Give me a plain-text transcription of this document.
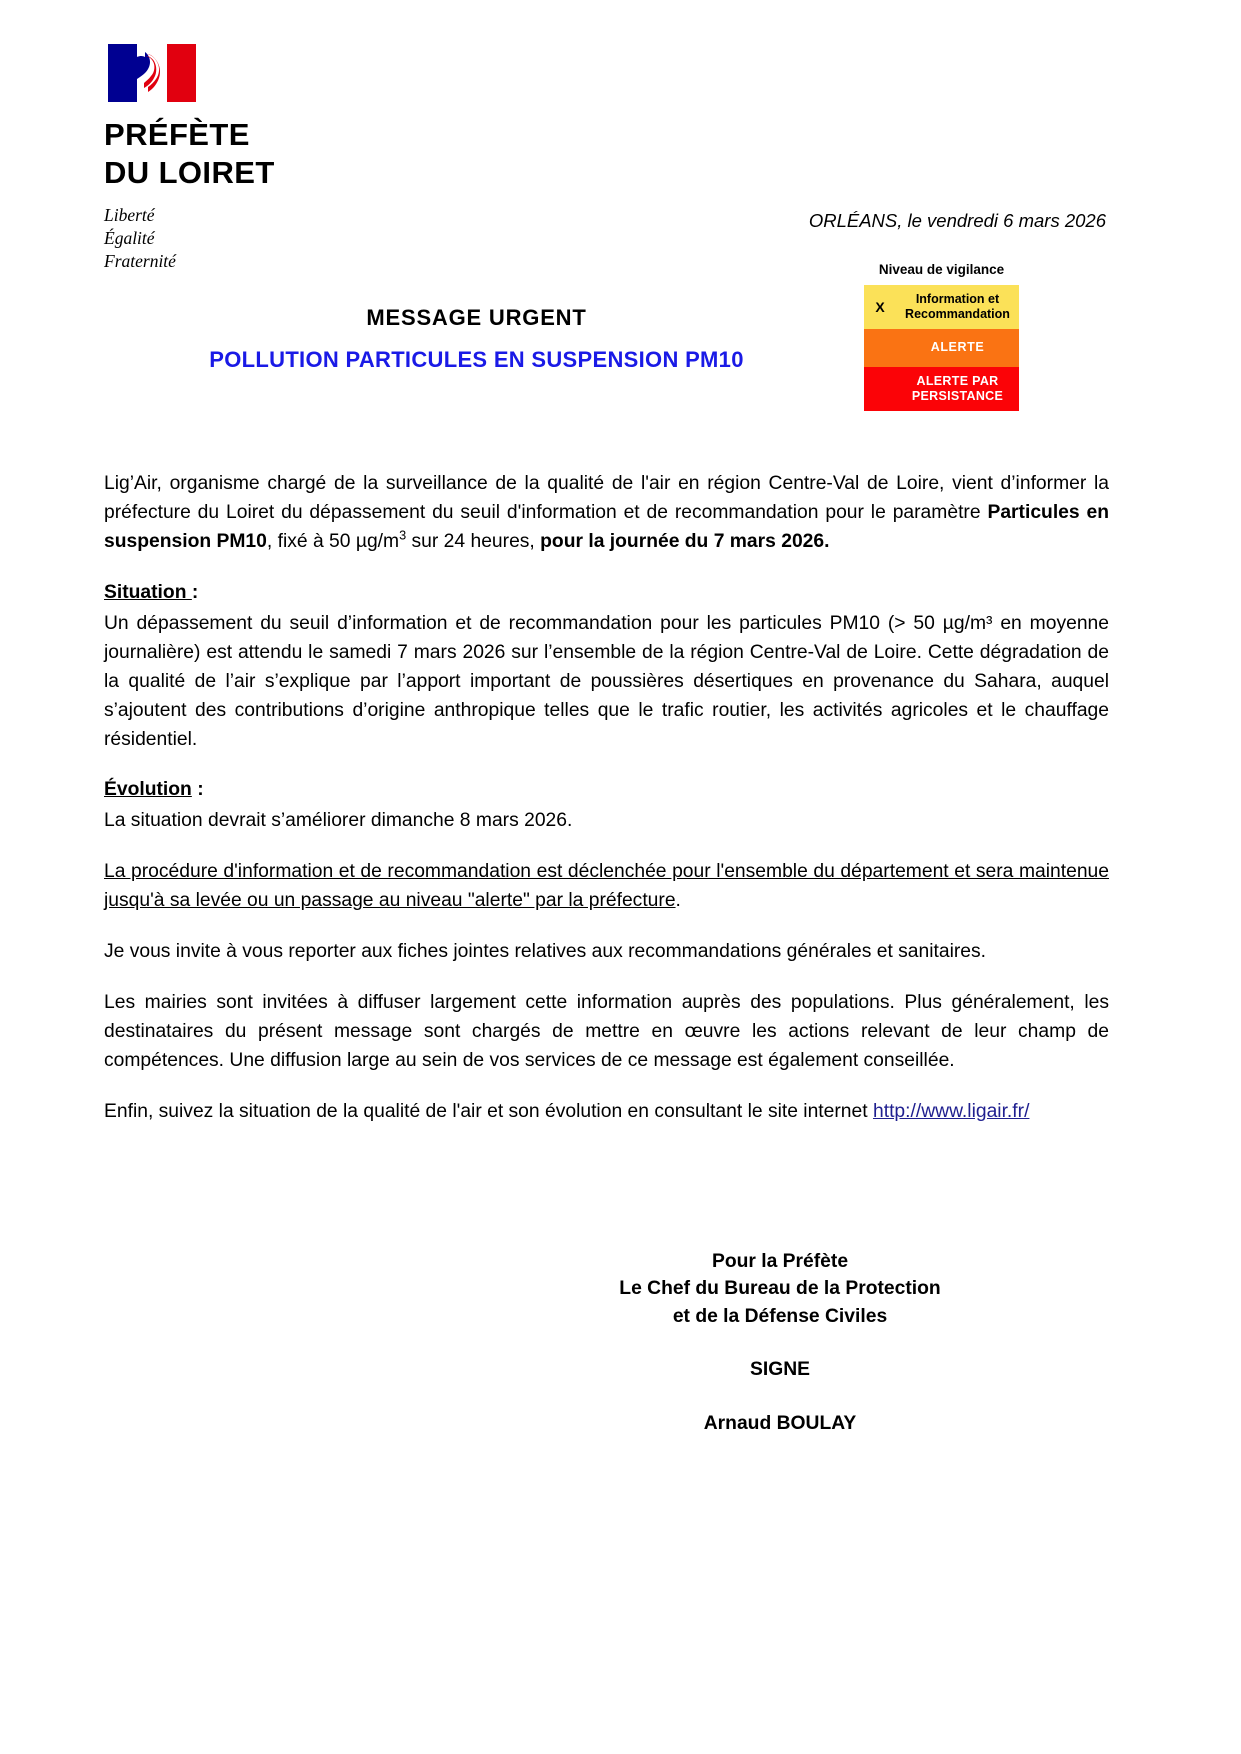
PRÉFÈTE
DU LOIRET
Liberté
Égalité
Fraternité
ORLÉANS, le vendredi 6 mars 2026
MESSAGE URGENT
POLLUTION PARTICULES EN SUSPENSION PM10
Niveau de vigilance
X
Information et Recommandation
ALERTE
ALERTE PAR PERSISTANCE

Lig’Air, organisme chargé de la surveillance de la qualité de l'air en région Centre-Val de Loire, vient d’informer la préfecture du Loiret du dépassement du seuil d'information et de recommandation pour le paramètre Particules en suspension PM10, fixé à 50 $\mu g/m^3$ sur 24 heures, pour la journée du 7 mars 2026.

Situation :

Un dépassement du seuil d’information et de recommandation pour les particules PM10 (> 50 µg/m³ en moyenne journalière) est attendu le samedi 7 mars 2026 sur l’ensemble de la région Centre-Val de Loire. Cette dégradation de la qualité de l’air s’explique par l’apport important de poussières désertiques en provenance du Sahara, auquel s’ajoutent des contributions d’origine anthropique telles que le trafic routier, les activités agricoles et le chauffage résidentiel.

Évolution :

La situation devrait s’améliorer dimanche 8 mars 2026.

La procédure d'information et de recommandation est déclenchée pour l'ensemble du département et sera maintenue jusqu'à sa levée ou un passage au niveau "alerte" par la préfecture.

Je vous invite à vous reporter aux fiches jointes relatives aux recommandations générales et sanitaires.

Les mairies sont invitées à diffuser largement cette information auprès des populations. Plus généralement, les destinataires du présent message sont chargés de mettre en œuvre les actions relevant de leur champ de compétences. Une diffusion large au sein de vos services de ce message est également conseillée.

Enfin, suivez la situation de la qualité de l'air et son évolution en consultant le site internet http://www.ligair.fr/

Pour la Préfète
Le Chef du Bureau de la Protection
et de la Défense Civiles
SIGNE
Arnaud BOULAY
